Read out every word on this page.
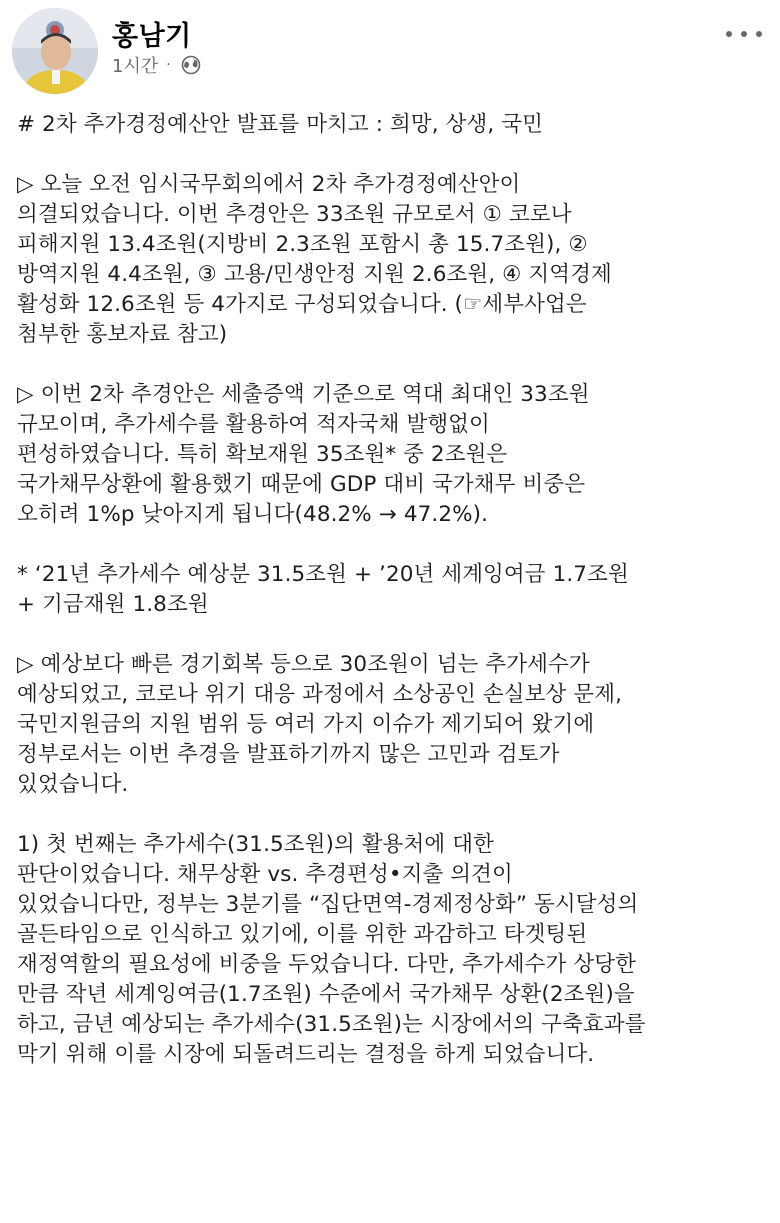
홍남기
1시간 ·
# 2차 추가경정예산안 발표를 마치고 : 희망, 상생, 국민
▷ 오늘 오전 임시국무회의에서 2차 추가경정예산안이
의결되었습니다. 이번 추경안은 33조원 규모로서 ① 코로나
피해지원 13.4조원(지방비 2.3조원 포함시 총 15.7조원), ②
방역지원 4.4조원, ③ 고용/민생안정 지원 2.6조원, ④ 지역경제
활성화 12.6조원 등 4가지로 구성되었습니다. (☞세부사업은
첨부한 홍보자료 참고)
▷ 이번 2차 추경안은 세출증액 기준으로 역대 최대인 33조원
규모이며, 추가세수를 활용하여 적자국채 발행없이
편성하였습니다. 특히 확보재원 35조원* 중 2조원은
국가채무상환에 활용했기 때문에 GDP 대비 국가채무 비중은
오히려 1%p 낮아지게 됩니다(48.2% → 47.2%).
* ‘21년 추가세수 예상분 31.5조원 + ’20년 세계잉여금 1.7조원
+ 기금재원 1.8조원
▷ 예상보다 빠른 경기회복 등으로 30조원이 넘는 추가세수가
예상되었고, 코로나 위기 대응 과정에서 소상공인 손실보상 문제,
국민지원금의 지원 범위 등 여러 가지 이슈가 제기되어 왔기에
정부로서는 이번 추경을 발표하기까지 많은 고민과 검토가
있었습니다.
1) 첫 번째는 추가세수(31.5조원)의 활용처에 대한
판단이었습니다. 채무상환 vs. 추경편성•지출 의견이
있었습니다만, 정부는 3분기를 “집단면역-경제정상화” 동시달성의
골든타임으로 인식하고 있기에, 이를 위한 과감하고 타겟팅된
재정역할의 필요성에 비중을 두었습니다. 다만, 추가세수가 상당한
만큼 작년 세계잉여금(1.7조원) 수준에서 국가채무 상환(2조원)을
하고, 금년 예상되는 추가세수(31.5조원)는 시장에서의 구축효과를
막기 위해 이를 시장에 되돌려드리는 결정을 하게 되었습니다.
